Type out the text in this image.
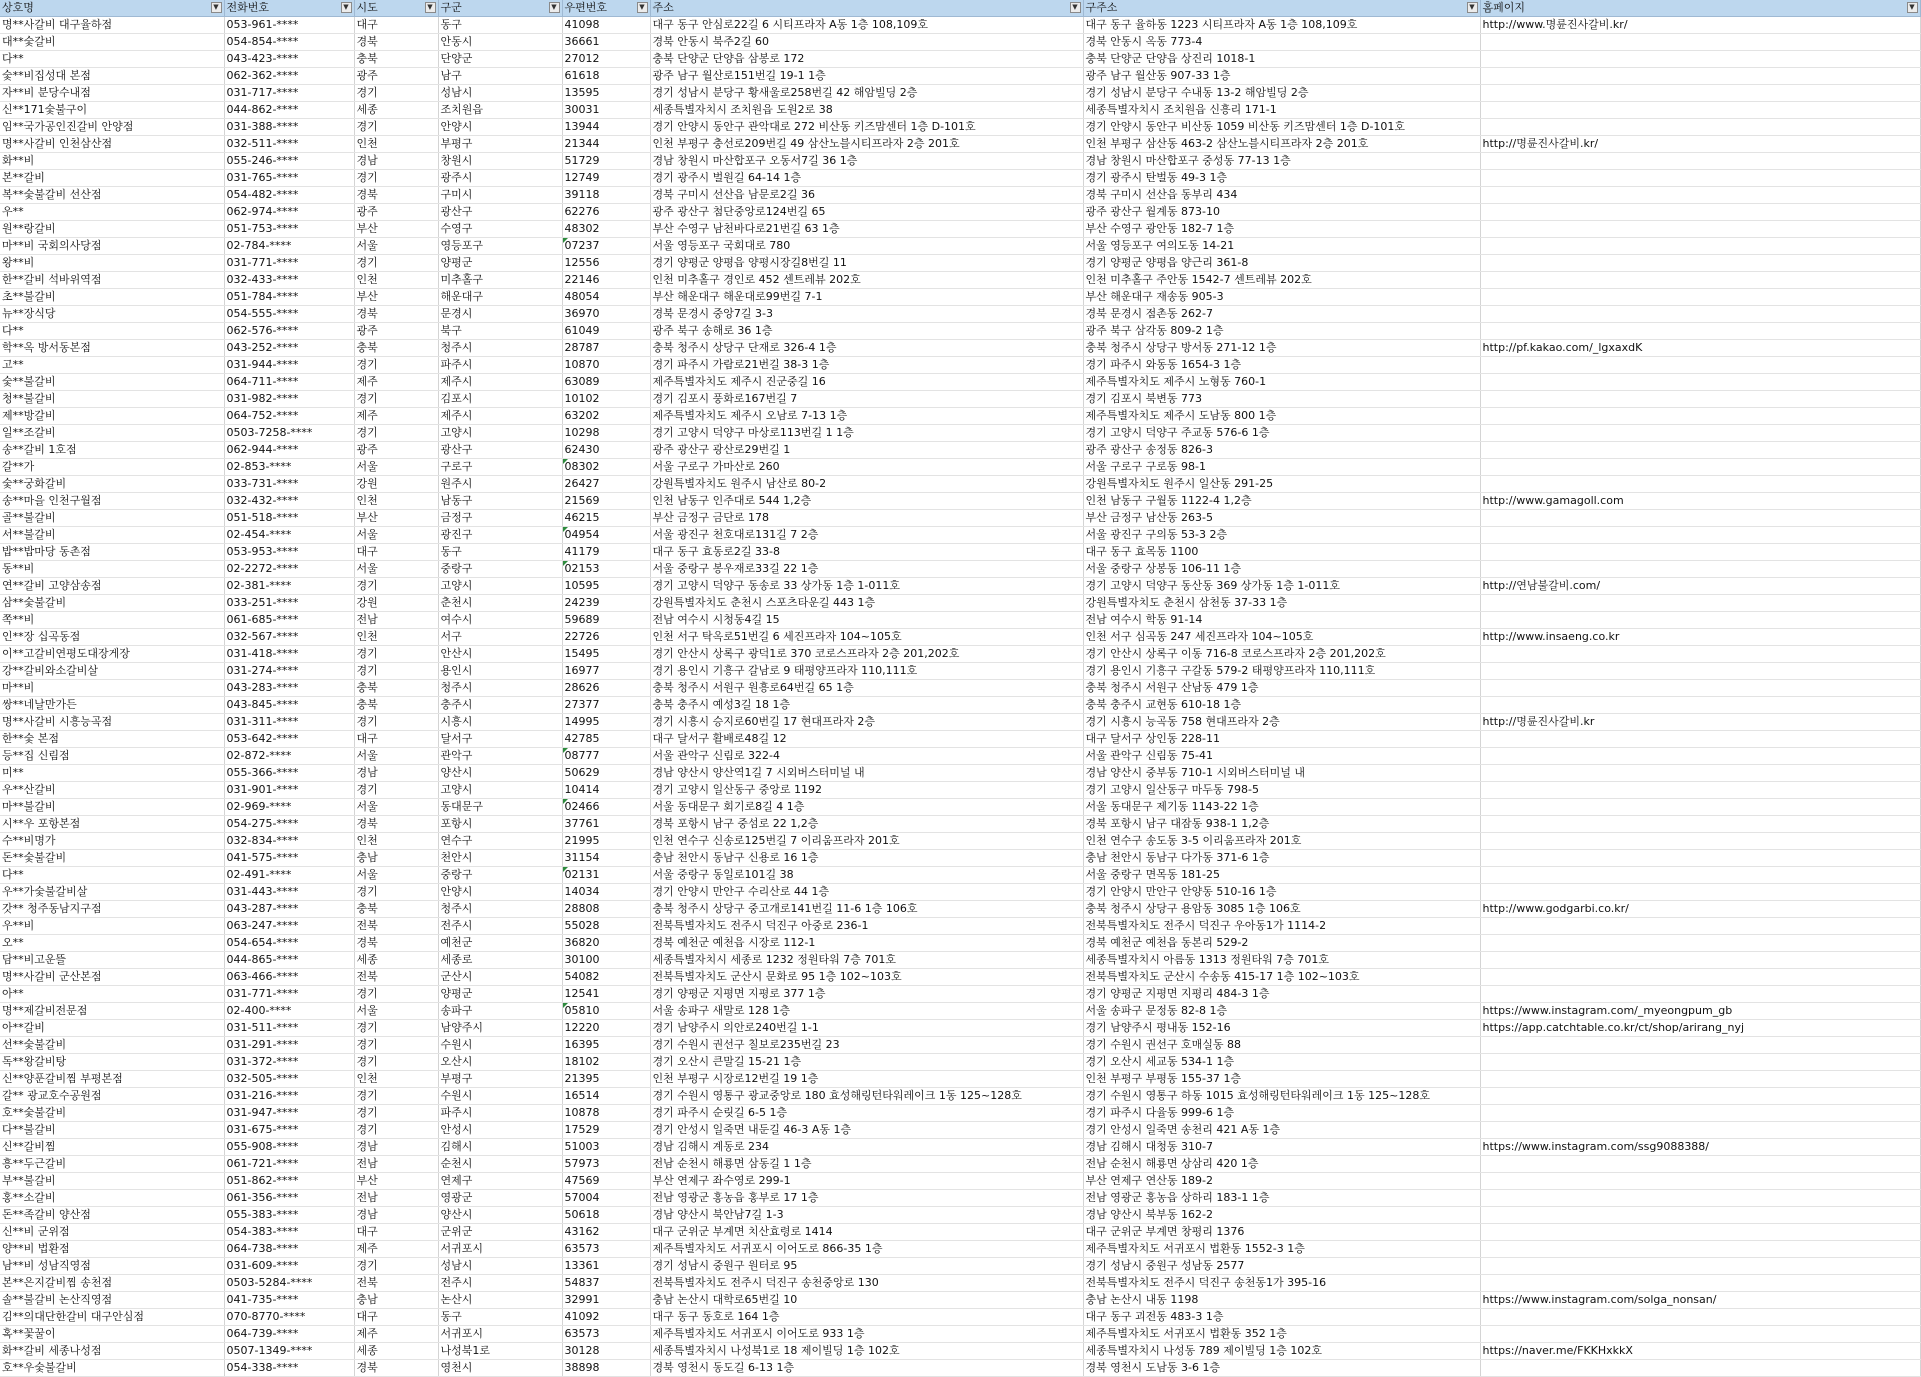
상호명 ▼	전화번호 ▼	시도 ▼	구군 ▼	우편번호 ▼	주소 ▼	구주소 ▼	홈페이지 ▼

명**사갈비 대구율하점	053-961-****	대구	동구	41098	대구 동구 안심로22길 6 시티프라자 A동 1층 108,109호	대구 동구 율하동 1223 시티프라자 A동 1층 108,109호	http://www.명륜진사갈비.kr/
대**숯갈비	054-854-****	경북	안동시	36661	경북 안동시 북주2길 60	경북 안동시 옥동 773-4	
다**	043-423-****	충북	단양군	27012	충북 단양군 단양읍 삼봉로 172	충북 단양군 단양읍 상진리 1018-1	
숯**비집성대 본점	062-362-****	광주	남구	61618	광주 남구 월산로151번길 19-1 1층	광주 남구 월산동 907-33 1층	
자**비 분당수내점	031-717-****	경기	성남시	13595	경기 성남시 분당구 황새울로258번길 42 해암빌딩 2층	경기 성남시 분당구 수내동 13-2 해암빌딩 2층	
신**171숯불구이	044-862-****	세종	조치원읍	30031	세종특별자치시 조치원읍 도원2로 38	세종특별자치시 조치원읍 신흥리 171-1	
임**국가공인진갈비 안양점	031-388-****	경기	안양시	13944	경기 안양시 동안구 관악대로 272 비산동 키즈맘센터 1층 D-101호	경기 안양시 동안구 비산동 1059 비산동 키즈맘센터 1층 D-101호	
명**사갈비 인천삼산점	032-511-****	인천	부평구	21344	인천 부평구 충선로209번길 49 삼산노블시티프라자 2층 201호	인천 부평구 삼산동 463-2 삼산노블시티프라자 2층 201호	http://명륜진사갈비.kr/
화**비	055-246-****	경남	창원시	51729	경남 창원시 마산합포구 오동서7길 36 1층	경남 창원시 마산합포구 중성동 77-13 1층	
본**갈비	031-765-****	경기	광주시	12749	경기 광주시 벌원길 64-14 1층	경기 광주시 탄벌동 49-3 1층	
복**숯불갈비 선산점	054-482-****	경북	구미시	39118	경북 구미시 선산읍 남문로2길 36	경북 구미시 선산읍 동부리 434	
우**	062-974-****	광주	광산구	62276	광주 광산구 첨단중앙로124번길 65	광주 광산구 월계동 873-10	
원**랑갈비	051-753-****	부산	수영구	48302	부산 수영구 남천바다로21번길 63 1층	부산 수영구 광안동 182-7 1층	
마**비 국회의사당점	02-784-****	서울	영등포구	07237	서울 영등포구 국회대로 780	서울 영등포구 여의도동 14-21	
왕**비	031-771-****	경기	양평군	12556	경기 양평군 양평읍 양평시장길8번길 11	경기 양평군 양평읍 양근리 361-8	
한**갈비 석바위역점	032-433-****	인천	미추홀구	22146	인천 미추홀구 경인로 452 센트레뷰 202호	인천 미추홀구 주안동 1542-7 센트레뷰 202호	
초**불갈비	051-784-****	부산	해운대구	48054	부산 해운대구 해운대로99번길 7-1	부산 해운대구 재송동 905-3	
뉴**장식당	054-555-****	경북	문경시	36970	경북 문경시 중앙7길 3-3	경북 문경시 점촌동 262-7	
다**	062-576-****	광주	북구	61049	광주 북구 송해로 36 1층	광주 북구 삼각동 809-2 1층	
학**옥 방서동본점	043-252-****	충북	청주시	28787	충북 청주시 상당구 단재로 326-4 1층	충북 청주시 상당구 방서동 271-12 1층	http://pf.kakao.com/_lgxaxdK
고**	031-944-****	경기	파주시	10870	경기 파주시 가람로21번길 38-3 1층	경기 파주시 와동동 1654-3 1층	
숯**불갈비	064-711-****	제주	제주시	63089	제주특별자치도 제주시 진군중길 16	제주특별자치도 제주시 노형동 760-1	
청**불갈비	031-982-****	경기	김포시	10102	경기 김포시 풍화로167번길 7	경기 김포시 북변동 773	
제**방갈비	064-752-****	제주	제주시	63202	제주특별자치도 제주시 오남로 7-13 1층	제주특별자치도 제주시 도남동 800 1층	
일**조갈비	0503-7258-****	경기	고양시	10298	경기 고양시 덕양구 마상로113번길 1 1층	경기 고양시 덕양구 주교동 576-6 1층	
송**갈비 1호점	062-944-****	광주	광산구	62430	광주 광산구 광산로29번길 1	광주 광산구 송정동 826-3	
갈**가	02-853-****	서울	구로구	08302	서울 구로구 가마산로 260	서울 구로구 구로동 98-1	
숯**궁화갈비	033-731-****	강원	원주시	26427	강원특별자치도 원주시 남산로 80-2	강원특별자치도 원주시 일산동 291-25	
송**마을 인천구월점	032-432-****	인천	남동구	21569	인천 남동구 인주대로 544 1,2층	인천 남동구 구월동 1122-4 1,2층	http://www.gamagoll.com
골**불갈비	051-518-****	부산	금정구	46215	부산 금정구 금단로 178	부산 금정구 남산동 263-5	
서**불갈비	02-454-****	서울	광진구	04954	서울 광진구 천호대로131길 7 2층	서울 광진구 구의동 53-3 2층	
밥**밥마당 동촌점	053-953-****	대구	동구	41179	대구 동구 효동로2길 33-8	대구 동구 효목동 1100	
동**비	02-2272-****	서울	중랑구	02153	서울 중랑구 봉우재로33길 22 1층	서울 중랑구 상봉동 106-11 1층	
연**갈비 고양삼송점	02-381-****	경기	고양시	10595	경기 고양시 덕양구 동송로 33 상가동 1층 1-011호	경기 고양시 덕양구 동산동 369 상가동 1층 1-011호	http://연남불갈비.com/
삼**숯불갈비	033-251-****	강원	춘천시	24239	강원특별자치도 춘천시 스포츠타운길 443 1층	강원특별자치도 춘천시 삼천동 37-33 1층	
쪽**비	061-685-****	전남	여수시	59689	전남 여수시 시청동4길 15	전남 여수시 학동 91-14	
인**장 십곡동점	032-567-****	인천	서구	22726	인천 서구 탁옥로51번길 6 세진프라자 104~105호	인천 서구 심곡동 247 세진프라자 104~105호	http://www.insaeng.co.kr
이**고갈비연평도대장게장	031-418-****	경기	안산시	15495	경기 안산시 상록구 광덕1로 370 코로스프라자 2층 201,202호	경기 안산시 상록구 이동 716-8 코로스프라자 2층 201,202호	
강**갈비와소갈비살	031-274-****	경기	용인시	16977	경기 용인시 기흥구 갈남로 9 태평양프라자 110,111호	경기 용인시 기흥구 구갈동 579-2 태평양프라자 110,111호	
마**비	043-283-****	충북	청주시	28626	충북 청주시 서원구 원흥로64번길 65 1층	충북 청주시 서원구 산남동 479 1층	
쌍**네날만가든	043-845-****	충북	충주시	27377	충북 충주시 예성3길 18 1층	충북 충주시 교현동 610-18 1층	
명**사갈비 시흥능곡점	031-311-****	경기	시흥시	14995	경기 시흥시 승지로60번길 17 현대프라자 2층	경기 시흥시 능곡동 758 현대프라자 2층	http://명륜진사갈비.kr
한**숯 본점	053-642-****	대구	달서구	42785	대구 달서구 활배로48길 12	대구 달서구 상인동 228-11	
등**집 신림점	02-872-****	서울	관악구	08777	서울 관악구 신림로 322-4	서울 관악구 신림동 75-41	
미**	055-366-****	경남	양산시	50629	경남 양산시 양산역1길 7 시외버스터미널 내	경남 양산시 중부동 710-1 시외버스터미널 내	
우**산갈비	031-901-****	경기	고양시	10414	경기 고양시 일산동구 중앙로 1192	경기 고양시 일산동구 마두동 798-5	
마**불갈비	02-969-****	서울	동대문구	02466	서울 동대문구 회기로8길 4 1층	서울 동대문구 제기동 1143-22 1층	
시**우 포항본점	054-275-****	경북	포항시	37761	경북 포항시 남구 중섬로 22 1,2층	경북 포항시 남구 대잠동 938-1 1,2층	
수**비명가	032-834-****	인천	연수구	21995	인천 연수구 신송로125번길 7 이리움프라자 201호	인천 연수구 송도동 3-5 이리움프라자 201호	
돈**숯불갈비	041-575-****	충남	천안시	31154	충남 천안시 동남구 신용로 16 1층	충남 천안시 동남구 다가동 371-6 1층	
다**	02-491-****	서울	중랑구	02131	서울 중랑구 동일로101길 38	서울 중랑구 면목동 181-25	
우**가숯불갈비살	031-443-****	경기	안양시	14034	경기 안양시 만안구 수리산로 44 1층	경기 안양시 만안구 안양동 510-16 1층	
갓** 청주동남지구점	043-287-****	충북	청주시	28808	충북 청주시 상당구 중고개로141번길 11-6 1층 106호	충북 청주시 상당구 용암동 3085 1층 106호	http://www.godgarbi.co.kr/
우**비	063-247-****	전북	전주시	55028	전북특별자치도 전주시 덕진구 아중로 236-1	전북특별자치도 전주시 덕진구 우아동1가 1114-2	
오**	054-654-****	경북	예천군	36820	경북 예천군 예천읍 시장로 112-1	경북 예천군 예천읍 동본리 529-2	
담**비고운뜰	044-865-****	세종	세종로	30100	세종특별자치시 세종로 1232 정원타워 7층 701호	세종특별자치시 아름동 1313 정원타워 7층 701호	
명**사갈비 군산본점	063-466-****	전북	군산시	54082	전북특별자치도 군산시 문화로 95 1층 102~103호	전북특별자치도 군산시 수송동 415-17 1층 102~103호	
아**	031-771-****	경기	양평군	12541	경기 양평군 지평면 지평로 377 1층	경기 양평군 지평면 지평리 484-3 1층	
명**제갈비전문점	02-400-****	서울	송파구	05810	서울 송파구 새말로 128 1층	서울 송파구 문정동 82-8 1층	https://www.instagram.com/_myeongpum_gb
아**갈비	031-511-****	경기	남양주시	12220	경기 남양주시 의안로240번길 1-1	경기 남양주시 평내동 152-16	https://app.catchtable.co.kr/ct/shop/arirang_nyj
선**숯불갈비	031-291-****	경기	수원시	16395	경기 수원시 권선구 칠보로235번길 23	경기 수원시 권선구 호매실동 88	
독**왕갈비탕	031-372-****	경기	오산시	18102	경기 오산시 큰말길 15-21 1층	경기 오산시 세교동 534-1 1층	
신**양푼갈비찜 부평본점	032-505-****	인천	부평구	21395	인천 부평구 시장로12번길 19 1층	인천 부평구 부평동 155-37 1층	
갈** 광교호수공원점	031-216-****	경기	수원시	16514	경기 수원시 영통구 광교중앙로 180 효성해링턴타워레이크 1동 125~128호	경기 수원시 영통구 하동 1015 효성해링턴타워레이크 1동 125~128호	
호**숯불갈비	031-947-****	경기	파주시	10878	경기 파주시 순릿길 6-5 1층	경기 파주시 다율동 999-6 1층	
다**불갈비	031-675-****	경기	안성시	17529	경기 안성시 일죽면 내둔길 46-3 A동 1층	경기 안성시 일죽면 송천리 421 A동 1층	
신**갈비찜	055-908-****	경남	김해시	51003	경남 김해시 계동로 234	경남 김해시 대청동 310-7	https://www.instagram.com/ssg9088388/
흥**두근갈비	061-721-****	전남	순천시	57973	전남 순천시 해룡면 삼동길 1 1층	전남 순천시 해룡면 상삼리 420 1층	
부**불갈비	051-862-****	부산	연제구	47569	부산 연제구 좌수영로 299-1	부산 연제구 연산동 189-2	
홍**소갈비	061-356-****	전남	영광군	57004	전남 영광군 홍농읍 홍부로 17 1층	전남 영광군 홍농읍 상하리 183-1 1층	
돈**족갈비 양산점	055-383-****	경남	양산시	50618	경남 양산시 북안남7길 1-3	경남 양산시 북부동 162-2	
신**비 군위점	054-383-****	대구	군위군	43162	대구 군위군 부계면 치산효령로 1414	대구 군위군 부계면 창평리 1376	
양**비 법환점	064-738-****	제주	서귀포시	63573	제주특별자치도 서귀포시 이어도로 866-35 1층	제주특별자치도 서귀포시 법환동 1552-3 1층	
남**비 성남직영점	031-609-****	경기	성남시	13361	경기 성남시 중원구 원터로 95	경기 성남시 중원구 성남동 2577	
본**은지갈비찜 송천점	0503-5284-****	전북	전주시	54837	전북특별자치도 전주시 덕진구 송천중앙로 130	전북특별자치도 전주시 덕진구 송천동1가 395-16	
솔**불갈비 논산직영점	041-735-****	충남	논산시	32991	충남 논산시 대학로65번길 10	충남 논산시 내동 1198	https://www.instagram.com/solga_nonsan/
김**의대단한갈비 대구안심점	070-8770-****	대구	동구	41092	대구 동구 동호로 164 1층	대구 동구 괴전동 483-3 1층	
혹**꽃꿀이	064-739-****	제주	서귀포시	63573	제주특별자치도 서귀포시 이어도로 933 1층	제주특별자치도 서귀포시 법환동 352 1층	
화**갈비 세종나성점	0507-1349-****	세종	나성북1로	30128	세종특별자치시 나성북1로 18 제이빌딩 1층 102호	세종특별자치시 나성동 789 제이빌딩 1층 102호	https://naver.me/FKKHxkkX
호**우숯불갈비	054-338-****	경북	영천시	38898	경북 영천시 동도길 6-13 1층	경북 영천시 도남동 3-6 1층	
